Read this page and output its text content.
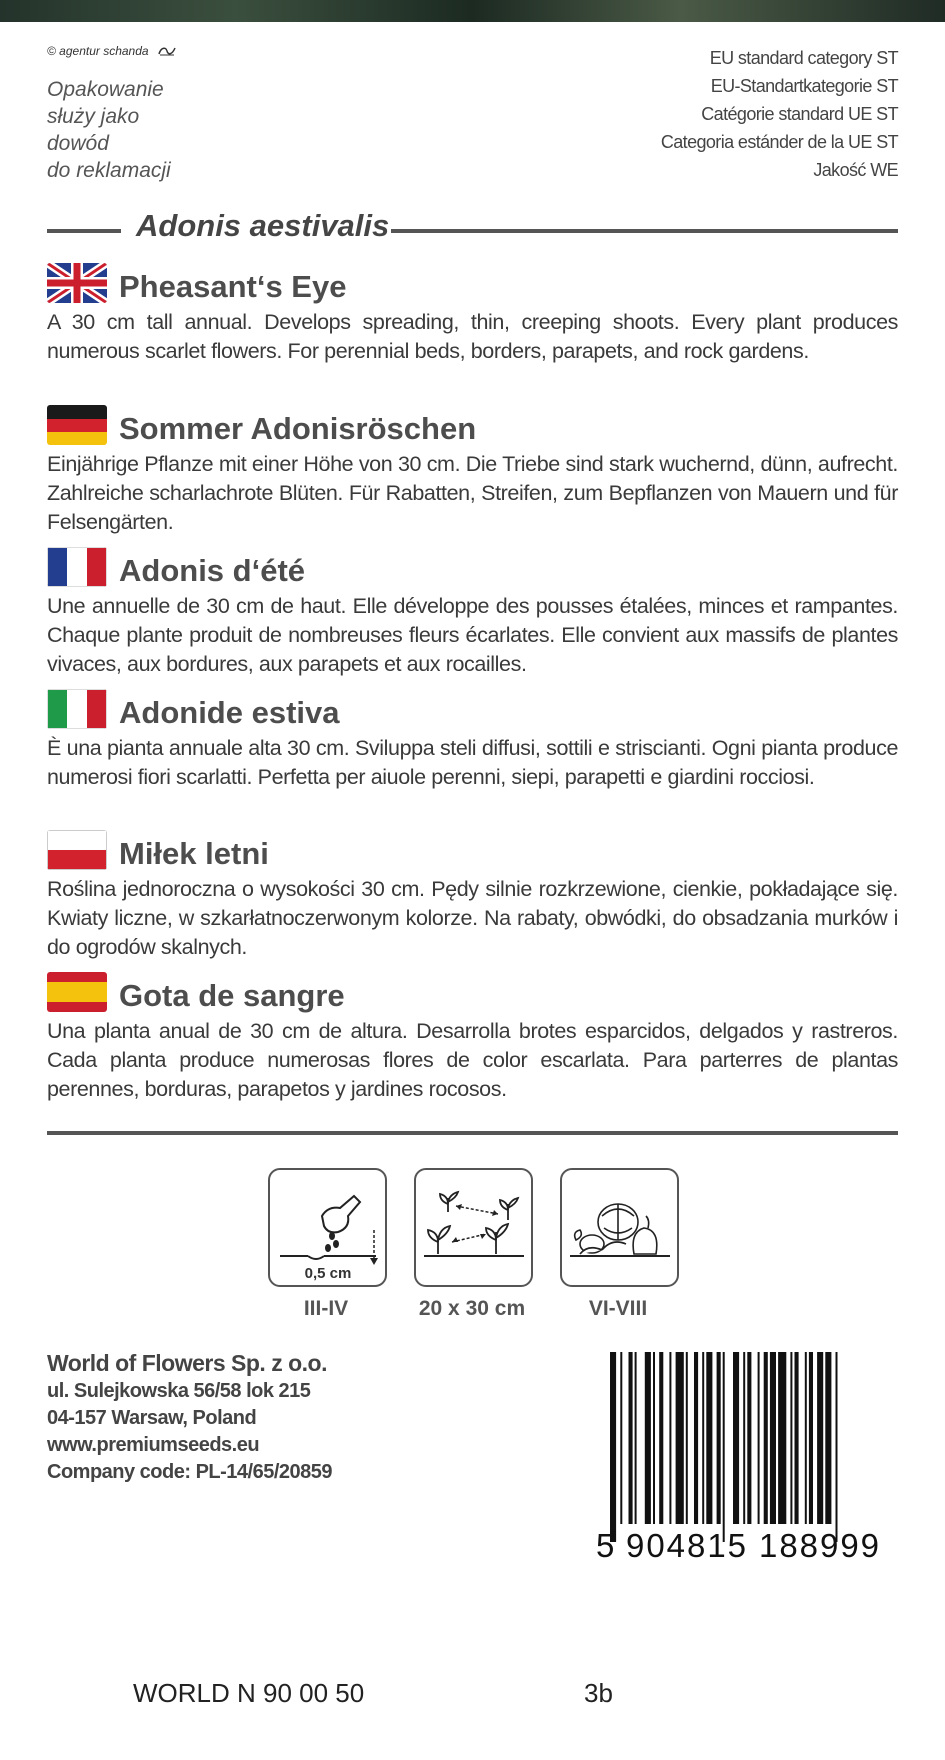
© agentur schanda
Opakowanie
służy jako
dowód
do reklamacji
EU standard category ST
EU-Standartkategorie ST
Catégorie standard UE ST
Categoria estánder de la UE ST
Jakość WE
Adonis aestivalis
Pheasant‘s Eye
A 30 cm tall annual. Develops spreading, thin, creeping shoots. Every plant produces numerous scarlet flowers. For perennial beds, borders, parapets, and rock gardens.
Sommer Adonisröschen
Einjährige Pflanze mit einer Höhe von 30 cm. Die Triebe sind stark wuchernd, dünn, aufrecht. Zahlreiche scharlachrote Blüten. Für Rabatten, Streifen, zum Bepflanzen von Mauern und für Felsengärten.
Adonis d‘été
Une annuelle de 30 cm de haut. Elle développe des pousses étalées, minces et rampantes. Chaque plante produit de nombreuses fleurs écarlates. Elle convient aux massifs de plantes vivaces, aux bordures, aux parapets et aux rocailles.
Adonide estiva
È una pianta annuale alta 30 cm. Sviluppa steli diffusi, sottili e striscianti. Ogni pianta produce numerosi fiori scarlatti. Perfetta per aiuole perenni, siepi, parapetti e giardini rocciosi.
Miłek letni
Roślina jednoroczna o wysokości 30 cm. Pędy silnie rozkrzewione, cienkie, pokładające się. Kwiaty liczne, w szkarłatnoczerwonym kolorze. Na rabaty, obwódki, do obsadzania murków i do ogrodów skalnych.
Gota de sangre
Una planta anual de 30 cm de altura. Desarrolla brotes esparcidos, delgados y rastreros. Cada planta produce numerosas flores de color escarlata. Para parterres de plantas perennes, borduras, parapetos y jardines rocosos.
0,5 cm
III-IV	20 x 30 cm	VI-VIII
World of Flowers Sp. z o.o.
ul. Sulejkowska 56/58 lok 215
04-157 Warsaw, Poland
www.premiumseeds.eu
Company code: PL-14/65/20859
5 904815 188999
WORLD N 90 00 50	3b
